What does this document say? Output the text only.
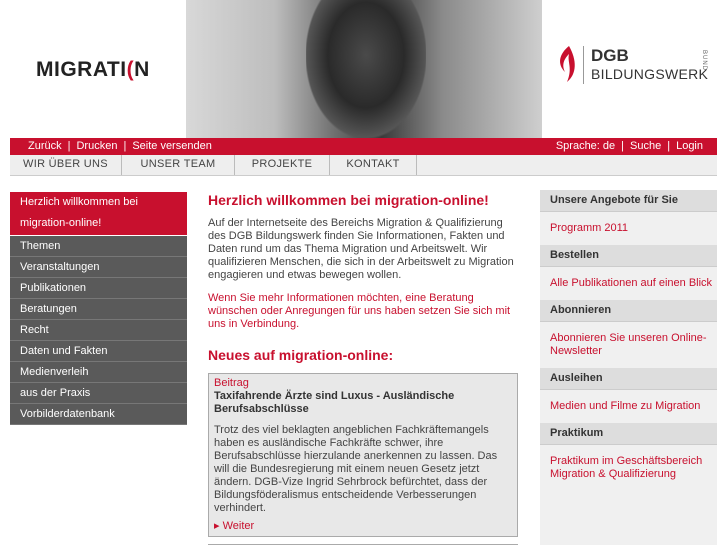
MIGRATI(N
DGB
BILDUNGSWERK
BUND
Zurück | Drucken | Seite versenden	Sprache: de | Suche | Login
WIR ÜBER UNS	UNSER TEAM	PROJEKTE	KONTAKT
Herzlich willkommen bei migration-online!
Themen
Veranstaltungen
Publikationen
Beratungen
Recht
Daten und Fakten
Medienverleih
aus der Praxis
Vorbilderdatenbank
Herzlich willkommen bei migration-online!

Auf der Internetseite des Bereichs Migration & Qualifizierung des DGB Bildungswerk finden Sie Informationen, Fakten und Daten rund um das Thema Migration und Arbeitswelt. Wir qualifizieren Menschen, die sich in der Arbeitswelt zu Migration engagieren und etwas bewegen wollen.

Wenn Sie mehr Informationen möchten, eine Beratung wünschen oder Anregungen für uns haben setzen Sie sich mit uns in Verbindung.

Neues auf migration-online:
Beitrag
Taxifahrende Ärzte sind Luxus - Ausländische Berufsabschlüsse
Trotz des viel beklagten angeblichen Fachkräftemangels haben es ausländische Fachkräfte schwer, ihre Berufsabschlüsse hierzulande anerkennen zu lassen. Das will die Bundesregierung mit einem neuen Gesetz jetzt ändern. DGB-Vize Ingrid Sehrbrock befürchtet, dass der Bildungsföderalismus entscheidende Verbesserungen verhindert.
▸ Weiter
Unsere Angebote für Sie
Programm 2011
Bestellen
Alle Publikationen auf einen Blick
Abonnieren
Abonnieren Sie unseren Online-Newsletter
Ausleihen
Medien und Filme zu Migration
Praktikum
Praktikum im Geschäftsbereich Migration & Qualifizierung
